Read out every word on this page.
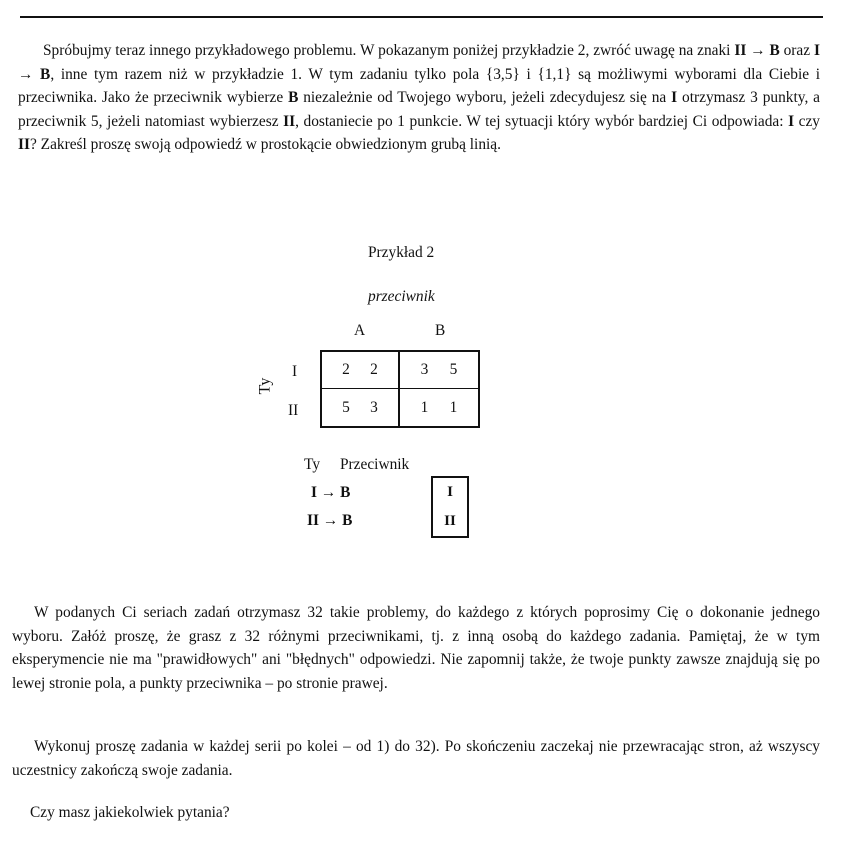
Spróbujmy teraz innego przykładowego problemu. W pokazanym poniżej przykładzie 2, zwróć uwagę na znaki II → B oraz I → B, inne tym razem niż w przykładzie 1. W tym zadaniu tylko pola {3,5} i {1,1} są możliwymi wyborami dla Ciebie i przeciwnika. Jako że przeciwnik wybierze B niezależnie od Twojego wyboru, jeżeli zdecydujesz się na I otrzymasz 3 punkty, a przeciwnik 5, jeżeli natomiast wybierzesz II, dostaniecie po 1 punkcie. W tej sytuacji który wybór bardziej Ci odpowiada: I czy II? Zakreśl proszę swoją odpowiedź w prostokącie obwiedzionym grubą linią.

Przykład 2
przeciwnik
A	B
I
II
Ty
2 2	3 5
5 3	1 1
Ty Przeciwnik
I → B
II → B
I
II

W podanych Ci seriach zadań otrzymasz 32 takie problemy, do każdego z których poprosimy Cię o dokonanie jednego wyboru. Załóż proszę, że grasz z 32 różnymi przeciwnikami, tj. z inną osobą do każdego zadania. Pamiętaj, że w tym eksperymencie nie ma "prawidłowych" ani "błędnych" odpowiedzi. Nie zapomnij także, że twoje punkty zawsze znajdują się po lewej stronie pola, a punkty przeciwnika – po stronie prawej.

Wykonuj proszę zadania w każdej serii po kolei – od 1) do 32). Po skończeniu zaczekaj nie przewracając stron, aż wszyscy uczestnicy zakończą swoje zadania.

Czy masz jakiekolwiek pytania?
